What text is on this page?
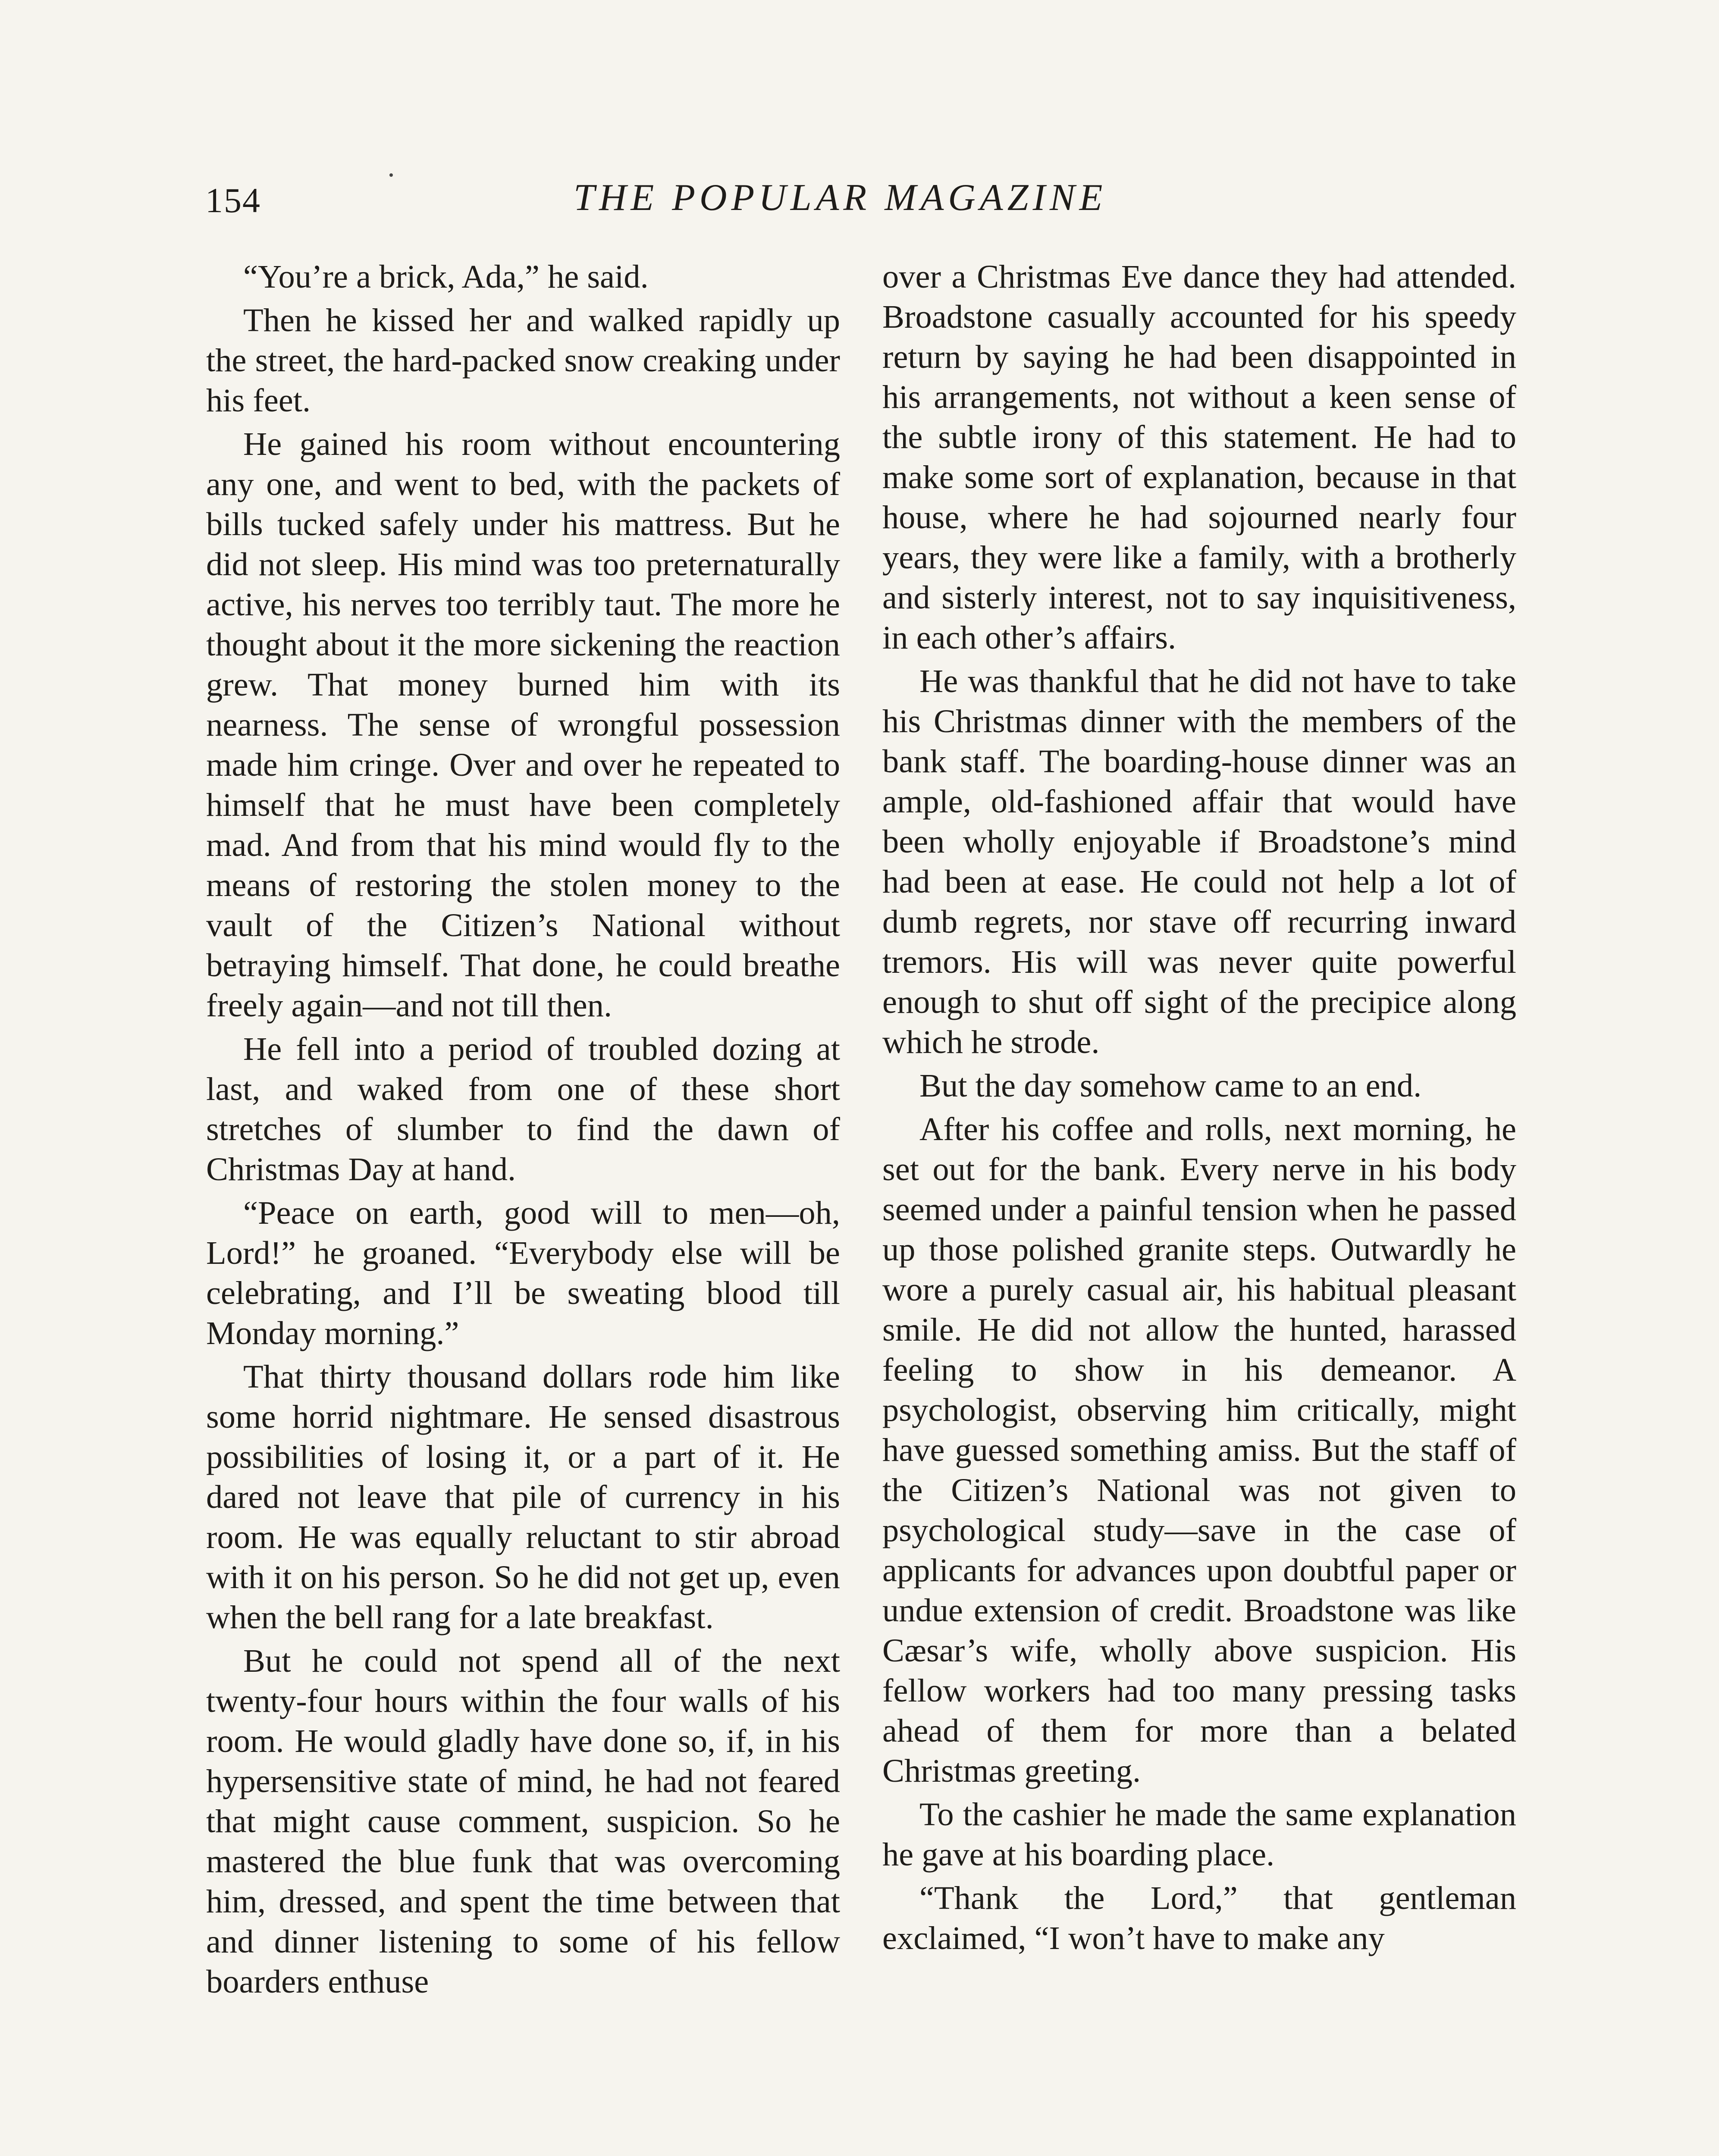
154	THE POPULAR MAGAZINE

“You’re a brick, Ada,” he said.

Then he kissed her and walked rapidly up the street, the hard-packed snow creaking under his feet.

He gained his room without encountering any one, and went to bed, with the packets of bills tucked safely under his mattress. But he did not sleep. His mind was too preternaturally active, his nerves too terribly taut. The more he thought about it the more sickening the reaction grew. That money burned him with its nearness. The sense of wrongful possession made him cringe. Over and over he repeated to himself that he must have been completely mad. And from that his mind would fly to the means of restoring the stolen money to the vault of the Citizen’s National without betraying himself. That done, he could breathe freely again—and not till then.

He fell into a period of troubled dozing at last, and waked from one of these short stretches of slumber to find the dawn of Christmas Day at hand.

“Peace on earth, good will to men—oh, Lord!” he groaned. “Everybody else will be celebrating, and I’ll be sweating blood till Monday morning.”

That thirty thousand dollars rode him like some horrid nightmare. He sensed disastrous possibilities of losing it, or a part of it. He dared not leave that pile of currency in his room. He was equally reluctant to stir abroad with it on his person. So he did not get up, even when the bell rang for a late breakfast.

But he could not spend all of the next twenty-four hours within the four walls of his room. He would gladly have done so, if, in his hypersensitive state of mind, he had not feared that might cause comment, suspicion. So he mastered the blue funk that was overcoming him, dressed, and spent the time between that and dinner listening to some of his fellow boarders enthuse

over a Christmas Eve dance they had attended. Broadstone casually accounted for his speedy return by saying he had been disappointed in his arrangements, not without a keen sense of the subtle irony of this statement. He had to make some sort of explanation, because in that house, where he had sojourned nearly four years, they were like a family, with a brotherly and sisterly interest, not to say inquisitiveness, in each other’s affairs.

He was thankful that he did not have to take his Christmas dinner with the members of the bank staff. The boarding-house dinner was an ample, old-fashioned affair that would have been wholly enjoyable if Broadstone’s mind had been at ease. He could not help a lot of dumb regrets, nor stave off recurring inward tremors. His will was never quite powerful enough to shut off sight of the precipice along which he strode.

But the day somehow came to an end.

After his coffee and rolls, next morning, he set out for the bank. Every nerve in his body seemed under a painful tension when he passed up those polished granite steps. Outwardly he wore a purely casual air, his habitual pleasant smile. He did not allow the hunted, harassed feeling to show in his demeanor. A psychologist, observing him critically, might have guessed something amiss. But the staff of the Citizen’s National was not given to psychological study—save in the case of applicants for advances upon doubtful paper or undue extension of credit. Broadstone was like Cæsar’s wife, wholly above suspicion. His fellow workers had too many pressing tasks ahead of them for more than a belated Christmas greeting.

To the cashier he made the same explanation he gave at his boarding place.

“Thank the Lord,” that gentleman exclaimed, “I won’t have to make any
